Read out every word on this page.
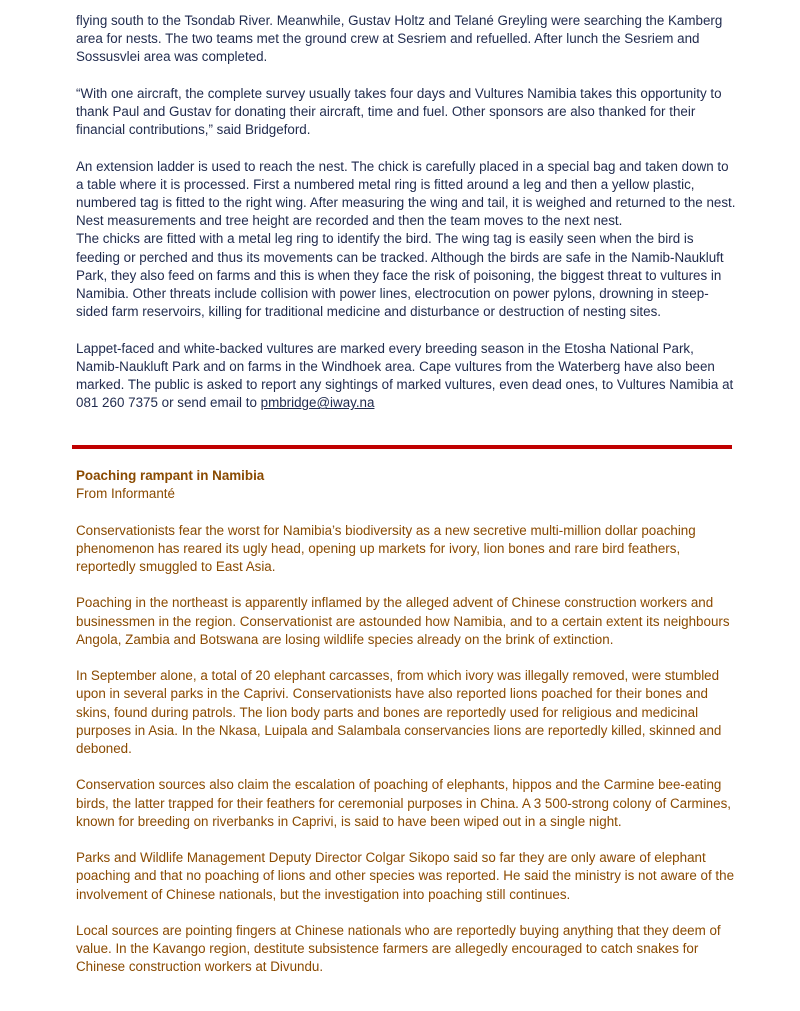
flying south to the Tsondab River. Meanwhile, Gustav Holtz and Telané Greyling were searching the Kamberg area for nests. The two teams met the ground crew at Sesriem and refuelled. After lunch the Sesriem and Sossusvlei area was completed.

“With one aircraft, the complete survey usually takes four days and Vultures Namibia takes this opportunity to thank Paul and Gustav for donating their aircraft, time and fuel. Other sponsors are also thanked for their financial contributions,” said Bridgeford.

An extension ladder is used to reach the nest. The chick is carefully placed in a special bag and taken down to a table where it is processed. First a numbered metal ring is fitted around a leg and then a yellow plastic, numbered tag is fitted to the right wing. After measuring the wing and tail, it is weighed and returned to the nest. Nest measurements and tree height are recorded and then the team moves to the next nest.
The chicks are fitted with a metal leg ring to identify the bird. The wing tag is easily seen when the bird is feeding or perched and thus its movements can be tracked. Although the birds are safe in the Namib-Naukluft Park, they also feed on farms and this is when they face the risk of poisoning, the biggest threat to vultures in Namibia. Other threats include collision with power lines, electrocution on power pylons, drowning in steep-sided farm reservoirs, killing for traditional medicine and disturbance or destruction of nesting sites.

Lappet-faced and white-backed vultures are marked every breeding season in the Etosha National Park, Namib-Naukluft Park and on farms in the Windhoek area. Cape vultures from the Waterberg have also been marked. The public is asked to report any sightings of marked vultures, even dead ones, to Vultures Namibia at 081 260 7375 or send email to pmbridge@iway.na

Poaching rampant in Namibia

From Informanté

Conservationists fear the worst for Namibia’s biodiversity as a new secretive multi-million dollar poaching phenomenon has reared its ugly head, opening up markets for ivory, lion bones and rare bird feathers, reportedly smuggled to East Asia.

Poaching in the northeast is apparently inflamed by the alleged advent of Chinese construction workers and businessmen in the region. Conservationist are astounded how Namibia, and to a certain extent its neighbours Angola, Zambia and Botswana are losing wildlife species already on the brink of extinction.

In September alone, a total of 20 elephant carcasses, from which ivory was illegally removed, were stumbled upon in several parks in the Caprivi. Conservationists have also reported lions poached for their bones and skins, found during patrols. The lion body parts and bones are reportedly used for religious and medicinal purposes in Asia. In the Nkasa, Luipala and Salambala conservancies lions are reportedly killed, skinned and deboned.

Conservation sources also claim the escalation of poaching of elephants, hippos and the Carmine bee-eating birds, the latter trapped for their feathers for ceremonial purposes in China. A 3 500-strong colony of Carmines, known for breeding on riverbanks in Caprivi, is said to have been wiped out in a single night.

Parks and Wildlife Management Deputy Director Colgar Sikopo said so far they are only aware of elephant poaching and that no poaching of lions and other species was reported. He said the ministry is not aware of the involvement of Chinese nationals, but the investigation into poaching still continues.

Local sources are pointing fingers at Chinese nationals who are reportedly buying anything that they deem of value. In the Kavango region, destitute subsistence farmers are allegedly encouraged to catch snakes for Chinese construction workers at Divundu.
